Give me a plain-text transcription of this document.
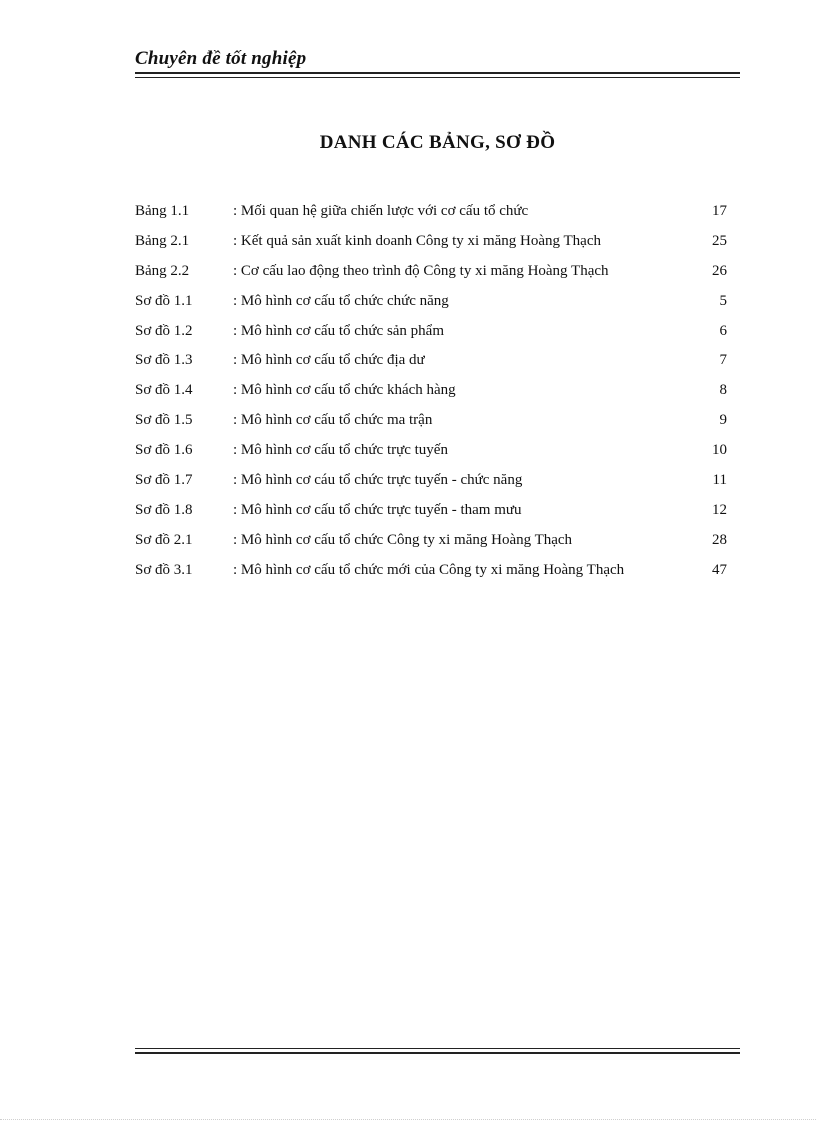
Chuyên đề tốt nghiệp
DANH CÁC BẢNG, SƠ ĐỒ
Bảng 1.1	: Mối quan hệ giữa chiến lược với cơ cấu tổ chức	17
Bảng 2.1	: Kết quả sản xuất kinh doanh Công ty xi măng Hoàng Thạch	25
Bảng 2.2	: Cơ cấu lao động theo trình độ Công ty xi măng Hoàng Thạch	26
Sơ đồ 1.1	: Mô hình cơ cấu tổ chức chức năng	5
Sơ đồ 1.2	: Mô hình cơ cấu tổ chức sản phẩm	6
Sơ đồ 1.3	: Mô hình cơ cấu tổ chức địa dư	7
Sơ đồ 1.4	: Mô hình cơ cấu tổ chức khách hàng	8
Sơ đồ 1.5	: Mô hình cơ cấu tổ chức ma trận	9
Sơ đồ 1.6	: Mô hình cơ cấu tổ chức trực tuyến	10
Sơ đồ 1.7	: Mô hình cơ cáu tổ chức trực tuyến - chức năng	11
Sơ đồ 1.8	: Mô hình cơ cấu tổ chức trực tuyến - tham mưu	12
Sơ đồ 2.1	: Mô hình cơ cấu tổ chức Công ty xi măng Hoàng Thạch	28
Sơ đồ 3.1	: Mô hình cơ cấu tổ chức mới của Công ty xi măng Hoàng Thạch	47
